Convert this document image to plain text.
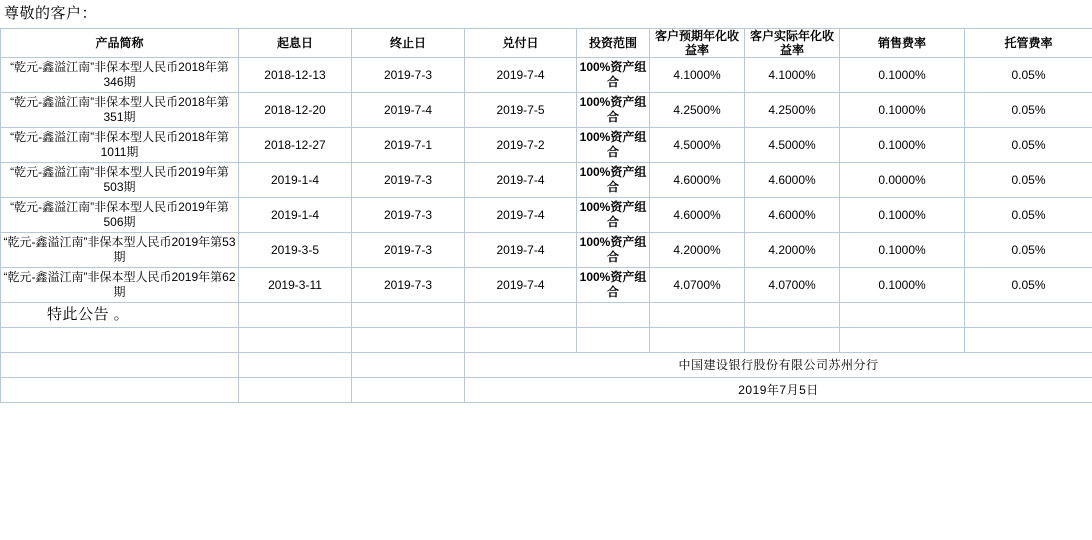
尊敬的客户：
产品简称	起息日	终止日	兑付日	投资范围	客户预期年化收益率	客户实际年化收益率	销售费率	托管费率
“乾元-鑫溢江南”非保本型人民币2018年第346期	2018-12-13	2019-7-3	2019-7-4	100%资产组合	4.1000%	4.1000%	0.1000%	0.05%
“乾元-鑫溢江南”非保本型人民币2018年第351期	2018-12-20	2019-7-4	2019-7-5	100%资产组合	4.2500%	4.2500%	0.1000%	0.05%
“乾元-鑫溢江南”非保本型人民币2018年第1011期	2018-12-27	2019-7-1	2019-7-2	100%资产组合	4.5000%	4.5000%	0.1000%	0.05%
“乾元-鑫溢江南”非保本型人民币2019年第503期	2019-1-4	2019-7-3	2019-7-4	100%资产组合	4.6000%	4.6000%	0.0000%	0.05%
“乾元-鑫溢江南”非保本型人民币2019年第506期	2019-1-4	2019-7-3	2019-7-4	100%资产组合	4.6000%	4.6000%	0.1000%	0.05%
“乾元-鑫溢江南”非保本型人民币2019年第53期	2019-3-5	2019-7-3	2019-7-4	100%资产组合	4.2000%	4.2000%	0.1000%	0.05%
“乾元-鑫溢江南”非保本型人民币2019年第62期	2019-3-11	2019-7-3	2019-7-4	100%资产组合	4.0700%	4.0700%	0.1000%	0.05%
特此公告 。								

			中国建设银行股份有限公司苏州分行					
			2019年7月5日					
